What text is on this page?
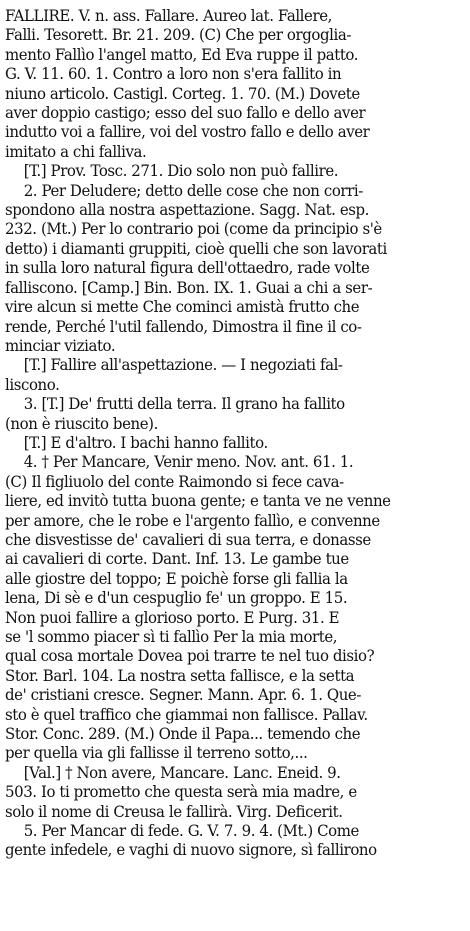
FALLIRE. V. n. ass. Fallare. Aureo lat. Fallere,
Falli. Tesorett. Br. 21. 209. (C) Che per orgoglia-
mento Fallìo l'angel matto, Ed Eva ruppe il patto.
G. V. 11. 60. 1. Contro a loro non s'era fallito in
niuno articolo. Castigl. Corteg. 1. 70. (M.) Dovete
aver doppio castigo; esso del suo fallo e dello aver
indutto voi a fallire, voi del vostro fallo e dello aver
imitato a chi falliva.
[T.] Prov. Tosc. 271. Dio solo non può fallire.
2. Per Deludere; detto delle cose che non corri-
spondono alla nostra aspettazione. Sagg. Nat. esp.
232. (Mt.) Per lo contrario poi (come da principio s'è
detto) i diamanti gruppiti, cioè quelli che son lavorati
in sulla loro natural figura dell'ottaedro, rade volte
falliscono. [Camp.] Bin. Bon. IX. 1. Guai a chi a ser-
vire alcun si mette Che cominci amistà frutto che
rende, Perché l'util fallendo, Dimostra il fine il co-
minciar viziato.
[T.] Fallire all'aspettazione. — I negoziati fal-
liscono.
3. [T.] De' frutti della terra. Il grano ha fallito
(non è riuscito bene).
[T.] E d'altro. I bachi hanno fallito.
4. † Per Mancare, Venir meno. Nov. ant. 61. 1.
(C) Il figliuolo del conte Raimondo si fece cava-
liere, ed invitò tutta buona gente; e tanta ve ne venne
per amore, che le robe e l'argento fallìo, e convenne
che disvestisse de' cavalieri di sua terra, e donasse
ai cavalieri di corte. Dant. Inf. 13. Le gambe tue
alle giostre del toppo; E poichè forse gli fallia la
lena, Di sè e d'un cespuglio fe' un groppo. E 15.
Non puoi fallire a glorioso porto. E Purg. 31. E
se 'l sommo piacer sì ti fallìo Per la mia morte,
qual cosa mortale Dovea poi trarre te nel tuo disio?
Stor. Barl. 104. La nostra setta fallisce, e la setta
de' cristiani cresce. Segner. Mann. Apr. 6. 1. Que-
sto è quel traffico che giammai non fallisce. Pallav.
Stor. Conc. 289. (M.) Onde il Papa... temendo che
per quella via gli fallisse il terreno sotto,...
[Val.] † Non avere, Mancare. Lanc. Eneid. 9.
503. Io ti prometto che questa serà mia madre, e
solo il nome di Creusa le fallirà. Virg. Deficerit.
5. Per Mancar di fede. G. V. 7. 9. 4. (Mt.) Come
gente infedele, e vaghi di nuovo signore, sì fallirono
